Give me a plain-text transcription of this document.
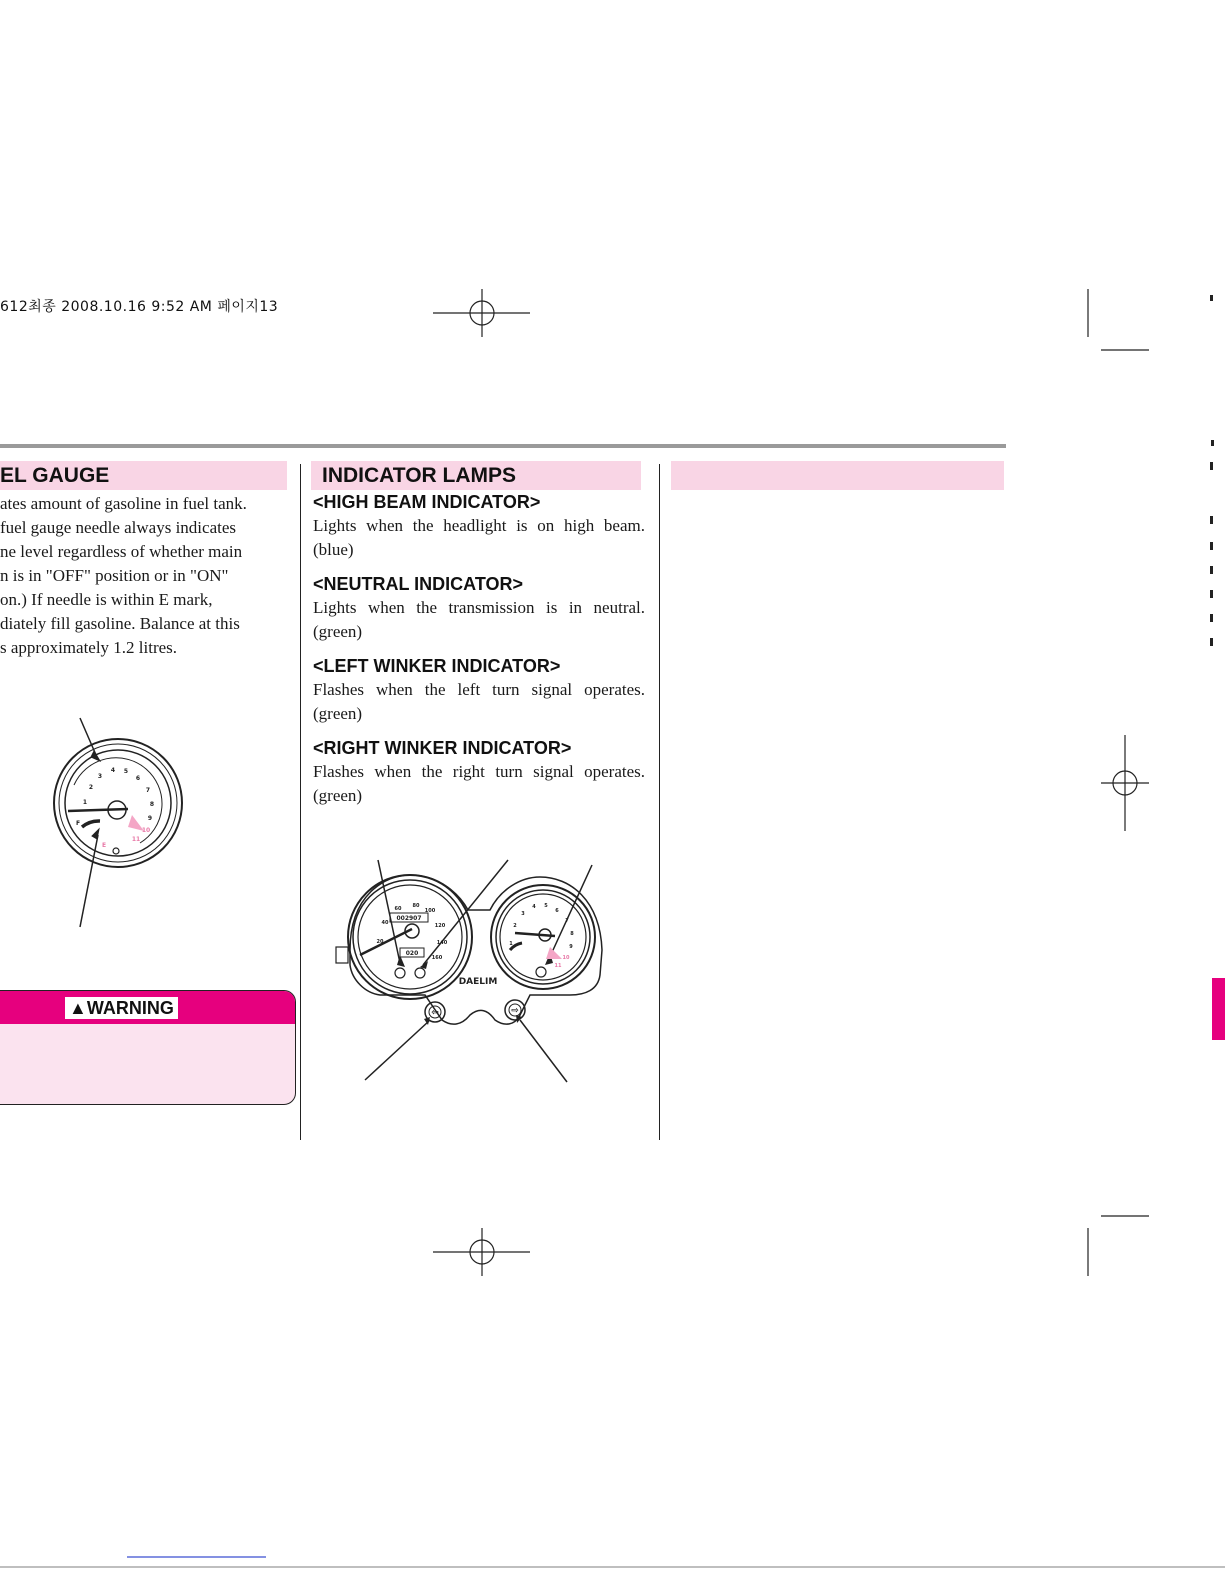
612최종 2008.10.16 9:52 AM 페이지13
EL GAUGE
ates amount of gasoline in fuel tank.
fuel gauge needle always indicates
ne level regardless of whether main
n is in "OFF" position or in "ON"
on.) If needle is within E mark,
diately fill gasoline. Balance at this
s approximately 1.2 litres.
1
2
3
4 5
6
7
8
9
10
11
F
E
▲WARNING
INDICATOR LAMPS
<HIGH BEAM INDICATOR>
Lights when the headlight is on high beam. (blue)
<NEUTRAL INDICATOR>
Lights when the transmission is in neutral. (green)
<LEFT WINKER INDICATOR>
Flashes when the left turn signal operates. (green)
<RIGHT WINKER INDICATOR>
Flashes when the right turn signal operates. (green)
20
40
60 80
100
120
140
160
002907
020
1
2
3
4 5
6
7
8
9
10
11
DAELIM
⇦	⇨
